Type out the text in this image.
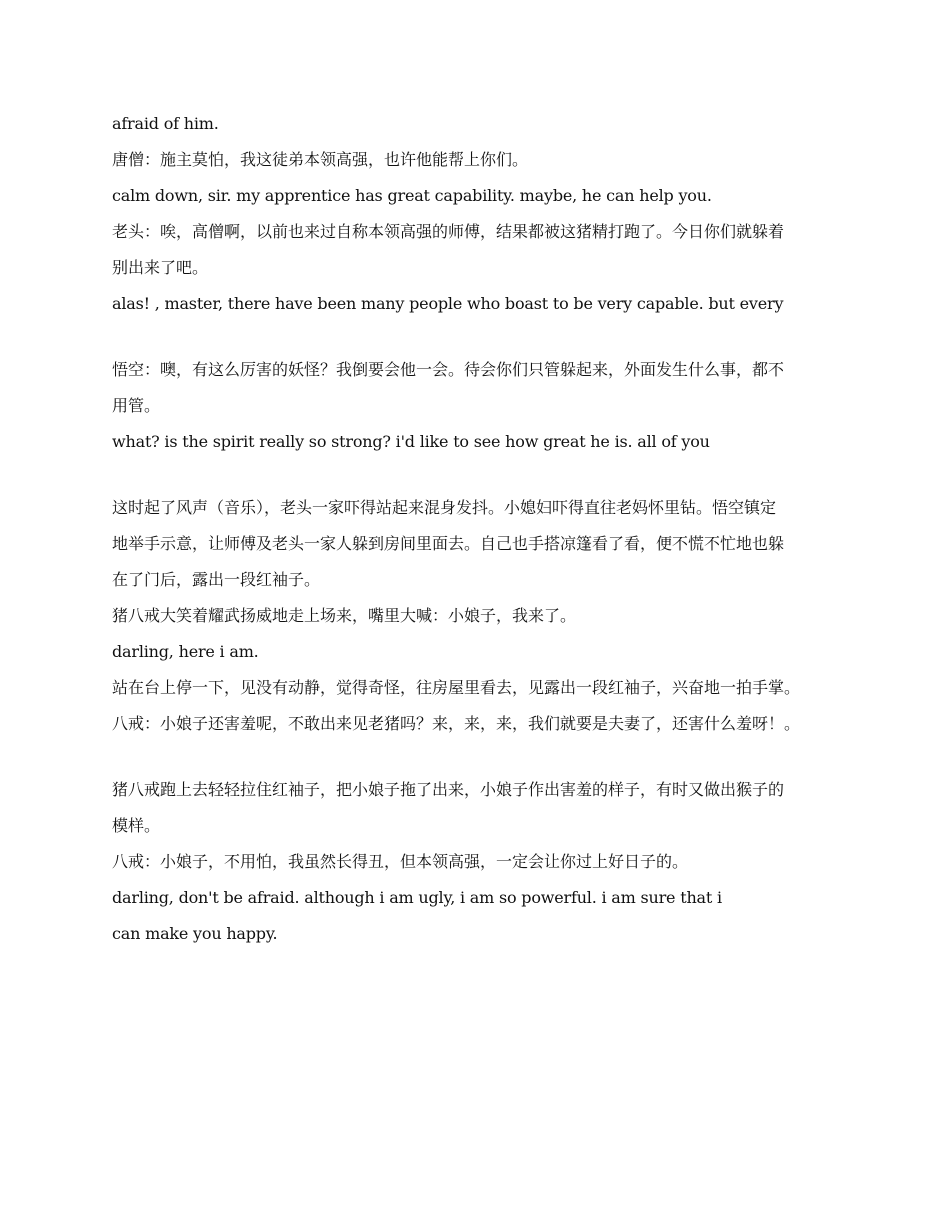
afraid of him.

唐僧：施主莫怕，我这徒弟本领高强，也许他能帮上你们。

calm down, sir. my apprentice has great capability. maybe, he can help you.

老头：唉，高僧啊，以前也来过自称本领高强的师傅，结果都被这猪精打跑了。今日你们就躲着

别出来了吧。

alas! , master, there have been many people who boast to be very capable. but every

悟空：噢，有这么厉害的妖怪？我倒要会他一会。待会你们只管躲起来，外面发生什么事，都不

用管。

what? is the spirit really so strong? i'd like to see how great he is. all of you

这时起了风声（音乐），老头一家吓得站起来混身发抖。小媳妇吓得直往老妈怀里钻。悟空镇定

地举手示意，让师傅及老头一家人躲到房间里面去。自己也手搭凉篷看了看，便不慌不忙地也躲

在了门后，露出一段红袖子。

猪八戒大笑着耀武扬威地走上场来，嘴里大喊：小娘子，我来了。

darling, here i am.

站在台上停一下，见没有动静，觉得奇怪，往房屋里看去，见露出一段红袖子，兴奋地一拍手掌。

八戒：小娘子还害羞呢，不敢出来见老猪吗？来，来，来，我们就要是夫妻了，还害什么羞呀！。

猪八戒跑上去轻轻拉住红袖子，把小娘子拖了出来，小娘子作出害羞的样子，有时又做出猴子的

模样。

八戒：小娘子，不用怕，我虽然长得丑，但本领高强，一定会让你过上好日子的。

darling, don't be afraid. although i am ugly, i am so powerful. i am sure that i

can make you happy.
